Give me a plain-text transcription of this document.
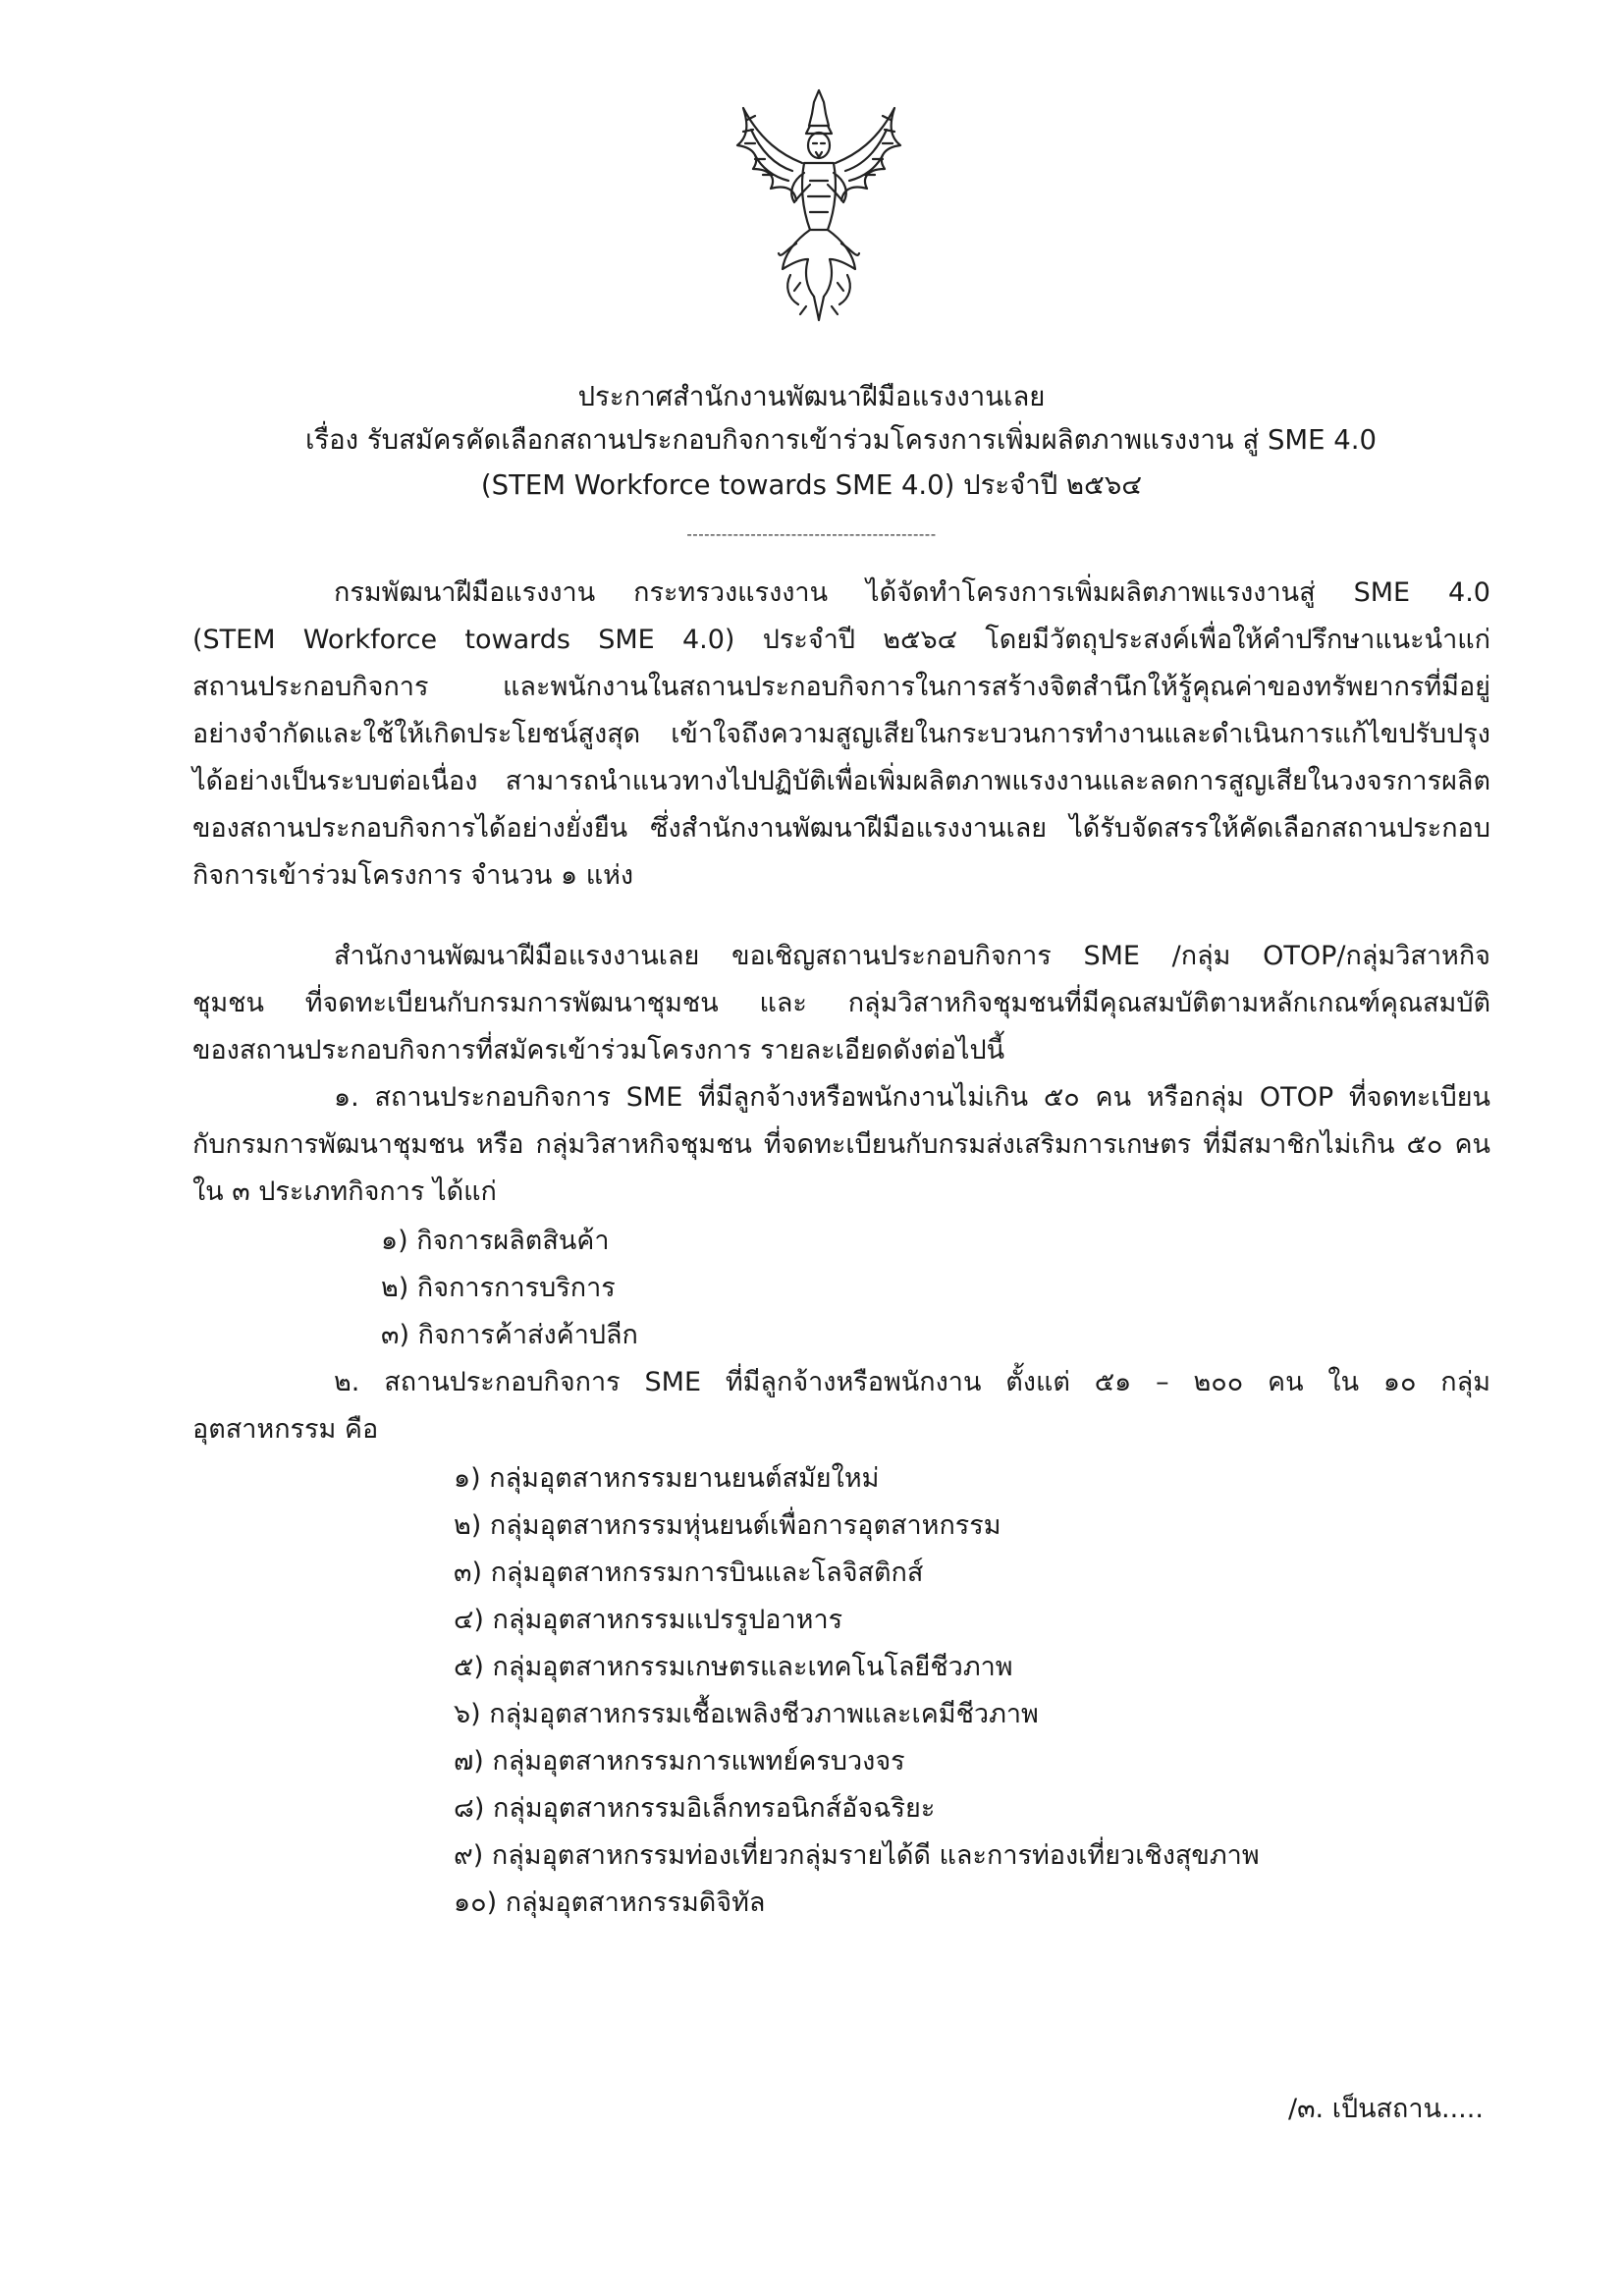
ประกาศสำนักงานพัฒนาฝีมือแรงงานเลย
เรื่อง รับสมัครคัดเลือกสถานประกอบกิจการเข้าร่วมโครงการเพิ่มผลิตภาพแรงงาน สู่ SME 4.0
(STEM Workforce towards SME 4.0) ประจำปี ๒๕๖๔
-------------------------------------------
กรมพัฒนาฝีมือแรงงาน กระทรวงแรงงาน ได้จัดทำโครงการเพิ่มผลิตภาพแรงงานสู่ SME 4.0
(STEM Workforce towards SME 4.0) ประจำปี ๒๕๖๔ โดยมีวัตถุประสงค์เพื่อให้คำปรึกษาแนะนำแก่
สถานประกอบกิจการ และพนักงานในสถานประกอบกิจการในการสร้างจิตสำนึกให้รู้คุณค่าของทรัพยากรที่มีอยู่
อย่างจำกัดและใช้ให้เกิดประโยชน์สูงสุด เข้าใจถึงความสูญเสียในกระบวนการทำงานและดำเนินการแก้ไขปรับปรุง
ได้อย่างเป็นระบบต่อเนื่อง สามารถนำแนวทางไปปฏิบัติเพื่อเพิ่มผลิตภาพแรงงานและลดการสูญเสียในวงจรการผลิต
ของสถานประกอบกิจการได้อย่างยั่งยืน ซึ่งสำนักงานพัฒนาฝีมือแรงงานเลย ได้รับจัดสรรให้คัดเลือกสถานประกอบ
กิจการเข้าร่วมโครงการ จำนวน ๑ แห่ง
สำนักงานพัฒนาฝีมือแรงงานเลย ขอเชิญสถานประกอบกิจการ SME /กลุ่ม OTOP/กลุ่มวิสาหกิจ
ชุมชน ที่จดทะเบียนกับกรมการพัฒนาชุมชน และ กลุ่มวิสาหกิจชุมชนที่มีคุณสมบัติตามหลักเกณฑ์คุณสมบัติ
ของสถานประกอบกิจการที่สมัครเข้าร่วมโครงการ รายละเอียดดังต่อไปนี้
๑. สถานประกอบกิจการ SME ที่มีลูกจ้างหรือพนักงานไม่เกิน ๕๐ คน หรือกลุ่ม OTOP ที่จดทะเบียน
กับกรมการพัฒนาชุมชน หรือ กลุ่มวิสาหกิจชุมชน ที่จดทะเบียนกับกรมส่งเสริมการเกษตร ที่มีสมาชิกไม่เกิน ๕๐ คน
ใน ๓ ประเภทกิจการ ได้แก่
๑) กิจการผลิตสินค้า
๒) กิจการการบริการ
๓) กิจการค้าส่งค้าปลีก
๒. สถานประกอบกิจการ SME ที่มีลูกจ้างหรือพนักงาน ตั้งแต่ ๕๑ – ๒๐๐ คน ใน ๑๐ กลุ่ม
อุตสาหกรรม คือ
๑) กลุ่มอุตสาหกรรมยานยนต์สมัยใหม่
๒) กลุ่มอุตสาหกรรมหุ่นยนต์เพื่อการอุตสาหกรรม
๓) กลุ่มอุตสาหกรรมการบินและโลจิสติกส์
๔) กลุ่มอุตสาหกรรมแปรรูปอาหาร
๕) กลุ่มอุตสาหกรรมเกษตรและเทคโนโลยีชีวภาพ
๖) กลุ่มอุตสาหกรรมเชื้อเพลิงชีวภาพและเคมีชีวภาพ
๗) กลุ่มอุตสาหกรรมการแพทย์ครบวงจร
๘) กลุ่มอุตสาหกรรมอิเล็กทรอนิกส์อัจฉริยะ
๙) กลุ่มอุตสาหกรรมท่องเที่ยวกลุ่มรายได้ดี และการท่องเที่ยวเชิงสุขภาพ
๑๐) กลุ่มอุตสาหกรรมดิจิทัล
/๓. เป็นสถาน.....
